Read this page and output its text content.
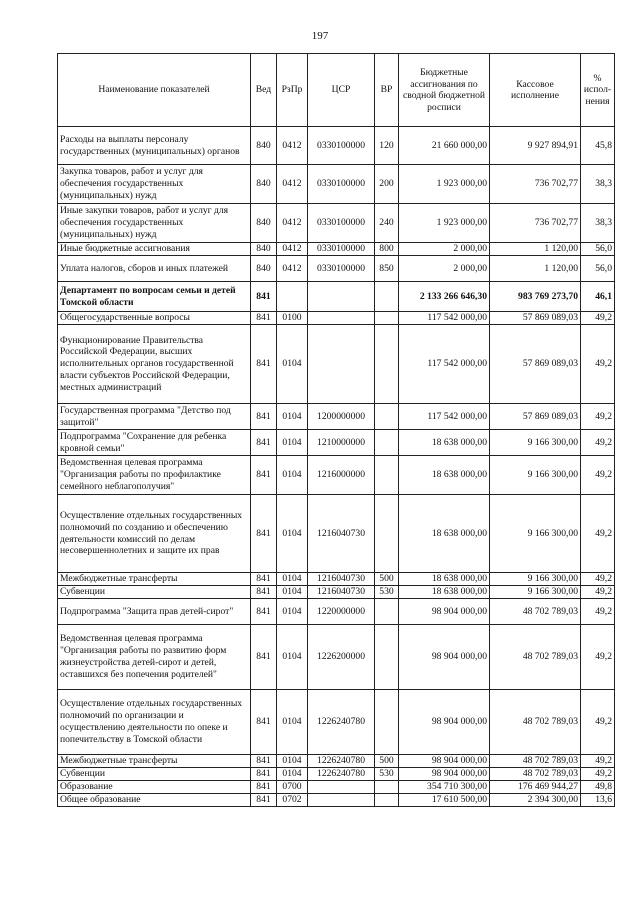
197
Наименование показателей	Вед	РзПр	ЦСР	ВР	Бюджетные ассигнования по сводной бюджетной росписи	Кассовое исполнение	% испол-нения
Расходы на выплаты персоналу государственных (муниципальных) органов	840	0412	0330100000	120	21 660 000,00	9 927 894,91	45,8
Закупка товаров, работ и услуг для обеспечения государственных (муниципальных) нужд	840	0412	0330100000	200	1 923 000,00	736 702,77	38,3
Иные закупки товаров, работ и услуг для обеспечения государственных (муниципальных) нужд	840	0412	0330100000	240	1 923 000,00	736 702,77	38,3
Иные бюджетные ассигнования	840	0412	0330100000	800	2 000,00	1 120,00	56,0
Уплата налогов, сборов и иных платежей	840	0412	0330100000	850	2 000,00	1 120,00	56,0
Департамент по вопросам семьи и детей Томской области	841				2 133 266 646,30	983 769 273,70	46,1
Общегосударственные вопросы	841	0100			117 542 000,00	57 869 089,03	49,2
Функционирование Правительства Российской Федерации, высших исполнительных органов государственной власти субъектов Российской Федерации, местных администраций	841	0104			117 542 000,00	57 869 089,03	49,2
Государственная программа "Детство под защитой"	841	0104	1200000000		117 542 000,00	57 869 089,03	49,2
Подпрограмма "Сохранение для ребенка кровной семьи"	841	0104	1210000000		18 638 000,00	9 166 300,00	49,2
Ведомственная целевая программа "Организация работы по профилактике семейного неблагополучия"	841	0104	1216000000		18 638 000,00	9 166 300,00	49,2
Осуществление отдельных государственных полномочий по созданию и обеспечению деятельности комиссий по делам несовершеннолетних и защите их прав	841	0104	1216040730		18 638 000,00	9 166 300,00	49,2
Межбюджетные трансферты	841	0104	1216040730	500	18 638 000,00	9 166 300,00	49,2
Субвенции	841	0104	1216040730	530	18 638 000,00	9 166 300,00	49,2
Подпрограмма "Защита прав детей-сирот"	841	0104	1220000000		98 904 000,00	48 702 789,03	49,2
Ведомственная целевая программа "Организация работы по развитию форм жизнеустройства детей-сирот и детей, оставшихся без попечения родителей"	841	0104	1226200000		98 904 000,00	48 702 789,03	49,2
Осуществление отдельных государственных полномочий по организации и осуществлению деятельности по опеке и попечительству в Томской области	841	0104	1226240780		98 904 000,00	48 702 789,03	49,2
Межбюджетные трансферты	841	0104	1226240780	500	98 904 000,00	48 702 789,03	49,2
Субвенции	841	0104	1226240780	530	98 904 000,00	48 702 789,03	49,2
Образование	841	0700			354 710 300,00	176 469 944,27	49,8
Общее образование	841	0702			17 610 500,00	2 394 300,00	13,6
